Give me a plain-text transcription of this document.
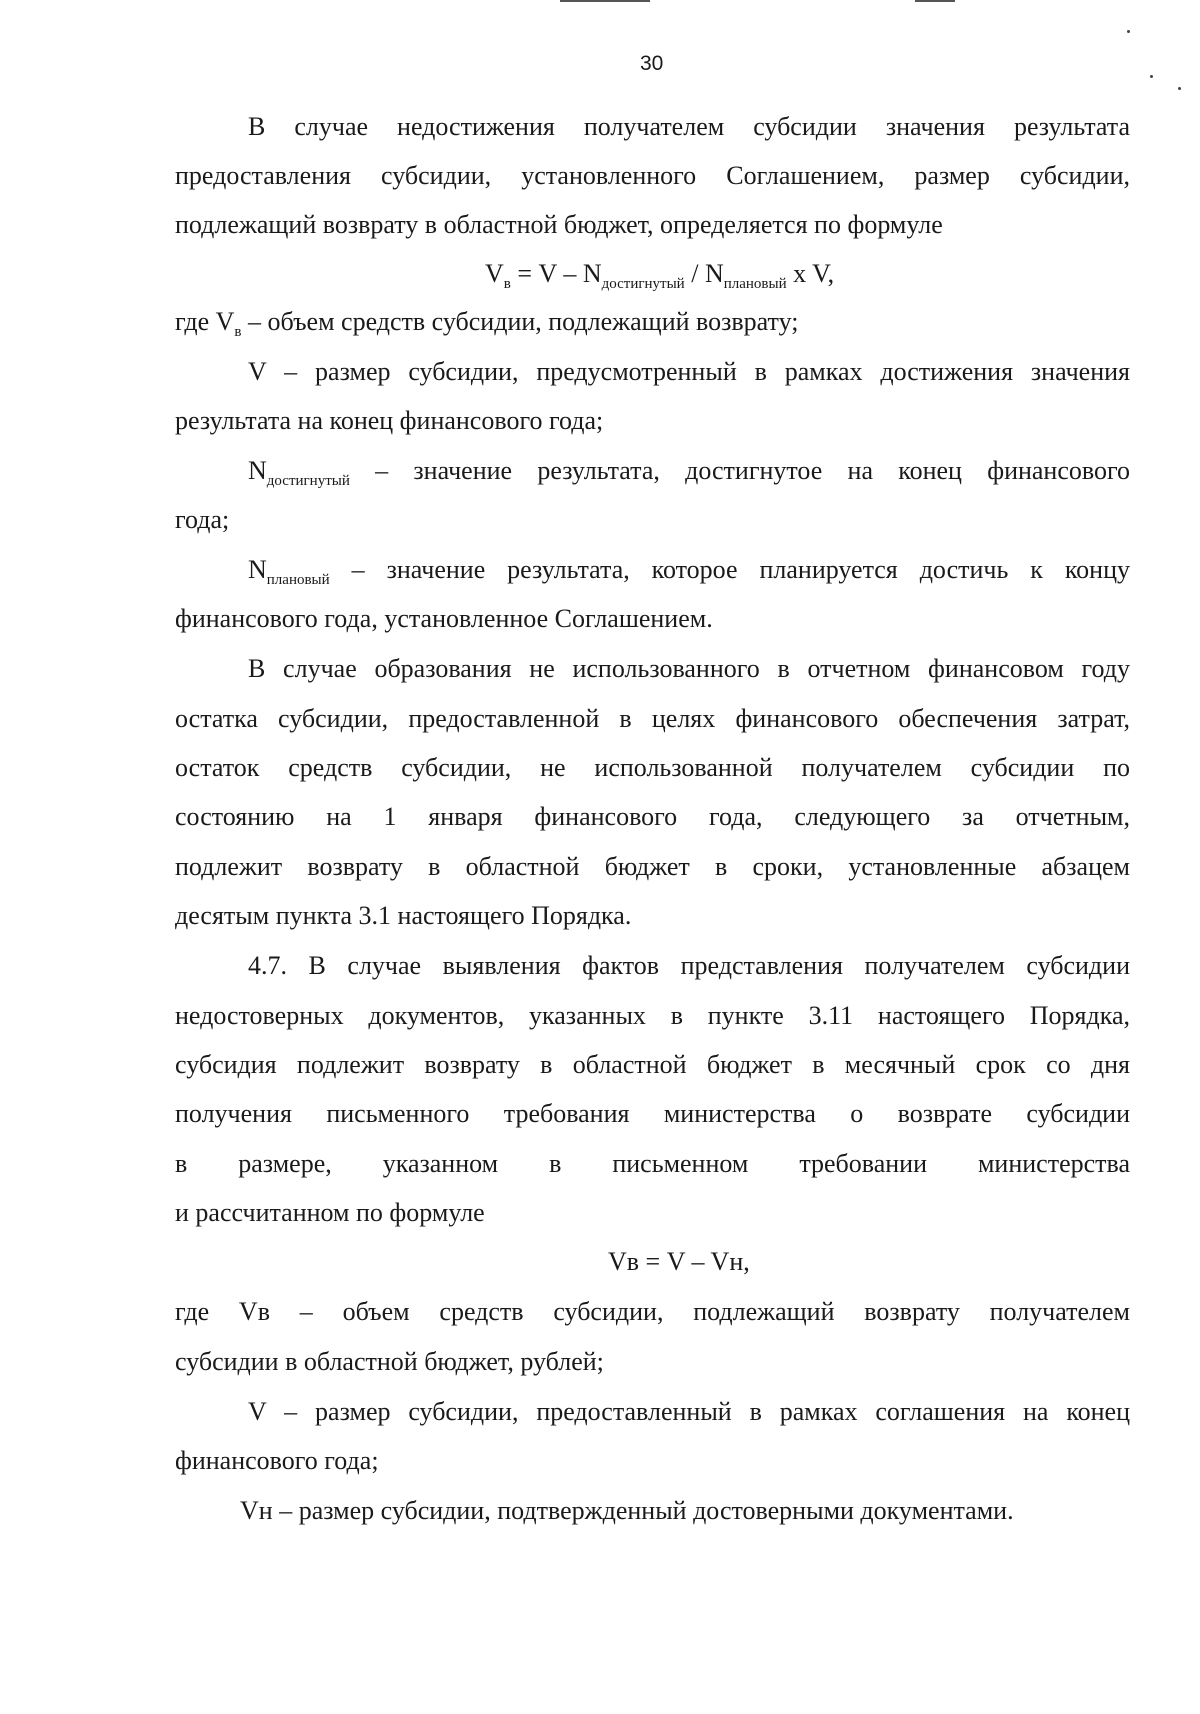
30
В случае недостижения получателем субсидии значения результата
предоставления субсидии, установленного Соглашением, размер субсидии,
подлежащий возврату в областной бюджет, определяется по формуле
$V_в = V - N_{достигнутый} / N_{плановый}$ x V,
где $V_в$ – объем средств субсидии, подлежащий возврату;
V – размер субсидии, предусмотренный в рамках достижения значения
результата на конец финансового года;
$N_{достигнутый}$ – значение результата, достигнутое на конец финансового
года;
$N_{плановый}$ – значение результата, которое планируется достичь к концу
финансового года, установленное Соглашением.
В случае образования не использованного в отчетном финансовом году
остатка субсидии, предоставленной в целях финансового обеспечения затрат,
остаток средств субсидии, не использованной получателем субсидии по
состоянию на 1 января финансового года, следующего за отчетным,
подлежит возврату в областной бюджет в сроки, установленные абзацем
десятым пункта 3.1 настоящего Порядка.
4.7. В случае выявления фактов представления получателем субсидии
недостоверных документов, указанных в пункте 3.11 настоящего Порядка,
субсидия подлежит возврату в областной бюджет в месячный срок со дня
получения письменного требования министерства о возврате субсидии
в размере, указанном в письменном требовании министерства
и рассчитанном по формуле
Vв = V – Vн,
где Vв – объем средств субсидии, подлежащий возврату получателем
субсидии в областной бюджет, рублей;
V – размер субсидии, предоставленный в рамках соглашения на конец
финансового года;
Vн – размер субсидии, подтвержденный достоверными документами.
